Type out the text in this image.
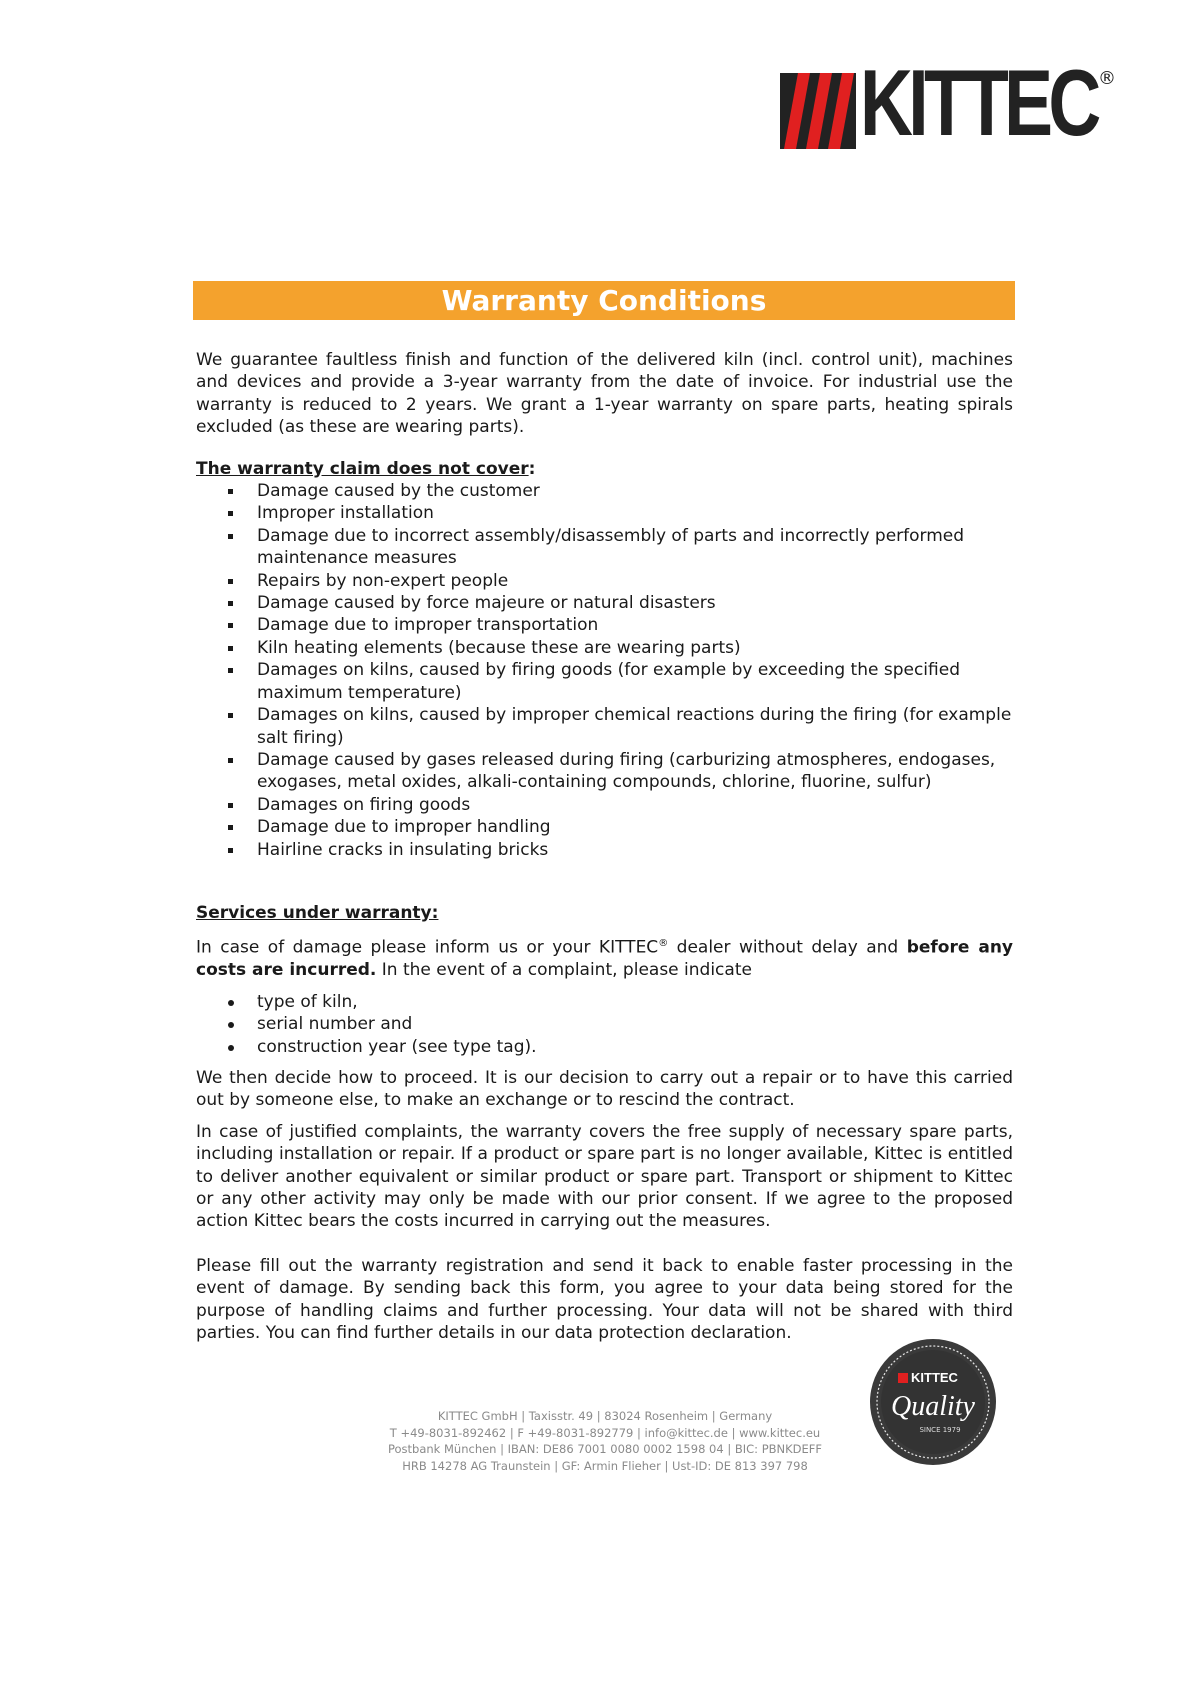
KITTEC ®
Warranty Conditions

We guarantee faultless finish and function of the delivered kiln (incl. control unit), machines and devices and provide a 3-year warranty from the date of invoice. For industrial use the warranty is reduced to 2 years. We grant a 1-year warranty on spare parts, heating spirals excluded (as these are wearing parts).

The warranty claim does not cover:

Damage caused by the customer
Improper installation
Damage due to incorrect assembly/disassembly of parts and incorrectly performed maintenance measures
Repairs by non-expert people
Damage caused by force majeure or natural disasters
Damage due to improper transportation
Kiln heating elements (because these are wearing parts)
Damages on kilns, caused by firing goods (for example by exceeding the specified maximum temperature)
Damages on kilns, caused by improper chemical reactions during the firing (for example salt firing)
Damage caused by gases released during firing (carburizing atmospheres, endogases, exogases, metal oxides, alkali-containing compounds, chlorine, fluorine, sulfur)
Damages on firing goods
Damage due to improper handling
Hairline cracks in insulating bricks

Services under warranty:

In case of damage please inform us or your KITTEC® dealer without delay and before any costs are incurred. In the event of a complaint, please indicate

type of kiln,
serial number and
construction year (see type tag).

We then decide how to proceed. It is our decision to carry out a repair or to have this carried out by someone else, to make an exchange or to rescind the contract.

In case of justified complaints, the warranty covers the free supply of necessary spare parts, including installation or repair. If a product or spare part is no longer available, Kittec is entitled to deliver another equivalent or similar product or spare part. Transport or shipment to Kittec or any other activity may only be made with our prior consent. If we agree to the proposed action Kittec bears the costs incurred in carrying out the measures.

Please fill out the warranty registration and send it back to enable faster processing in the event of damage. By sending back this form, you agree to your data being stored for the purpose of handling claims and further processing. Your data will not be shared with third parties. You can find further details in our data protection declaration.

KITTEC GmbH | Taxisstr. 49 | 83024 Rosenheim | Germany
T +49-8031-892462 | F +49-8031-892779 | info@kittec.de | www.kittec.eu
Postbank München | IBAN: DE86 7001 0080 0002 1598 04 | BIC: PBNKDEFF
HRB 14278 AG Traunstein | GF: Armin Flieher | Ust-ID: DE 813 397 798
KITTEC
Quality
SINCE 1979
